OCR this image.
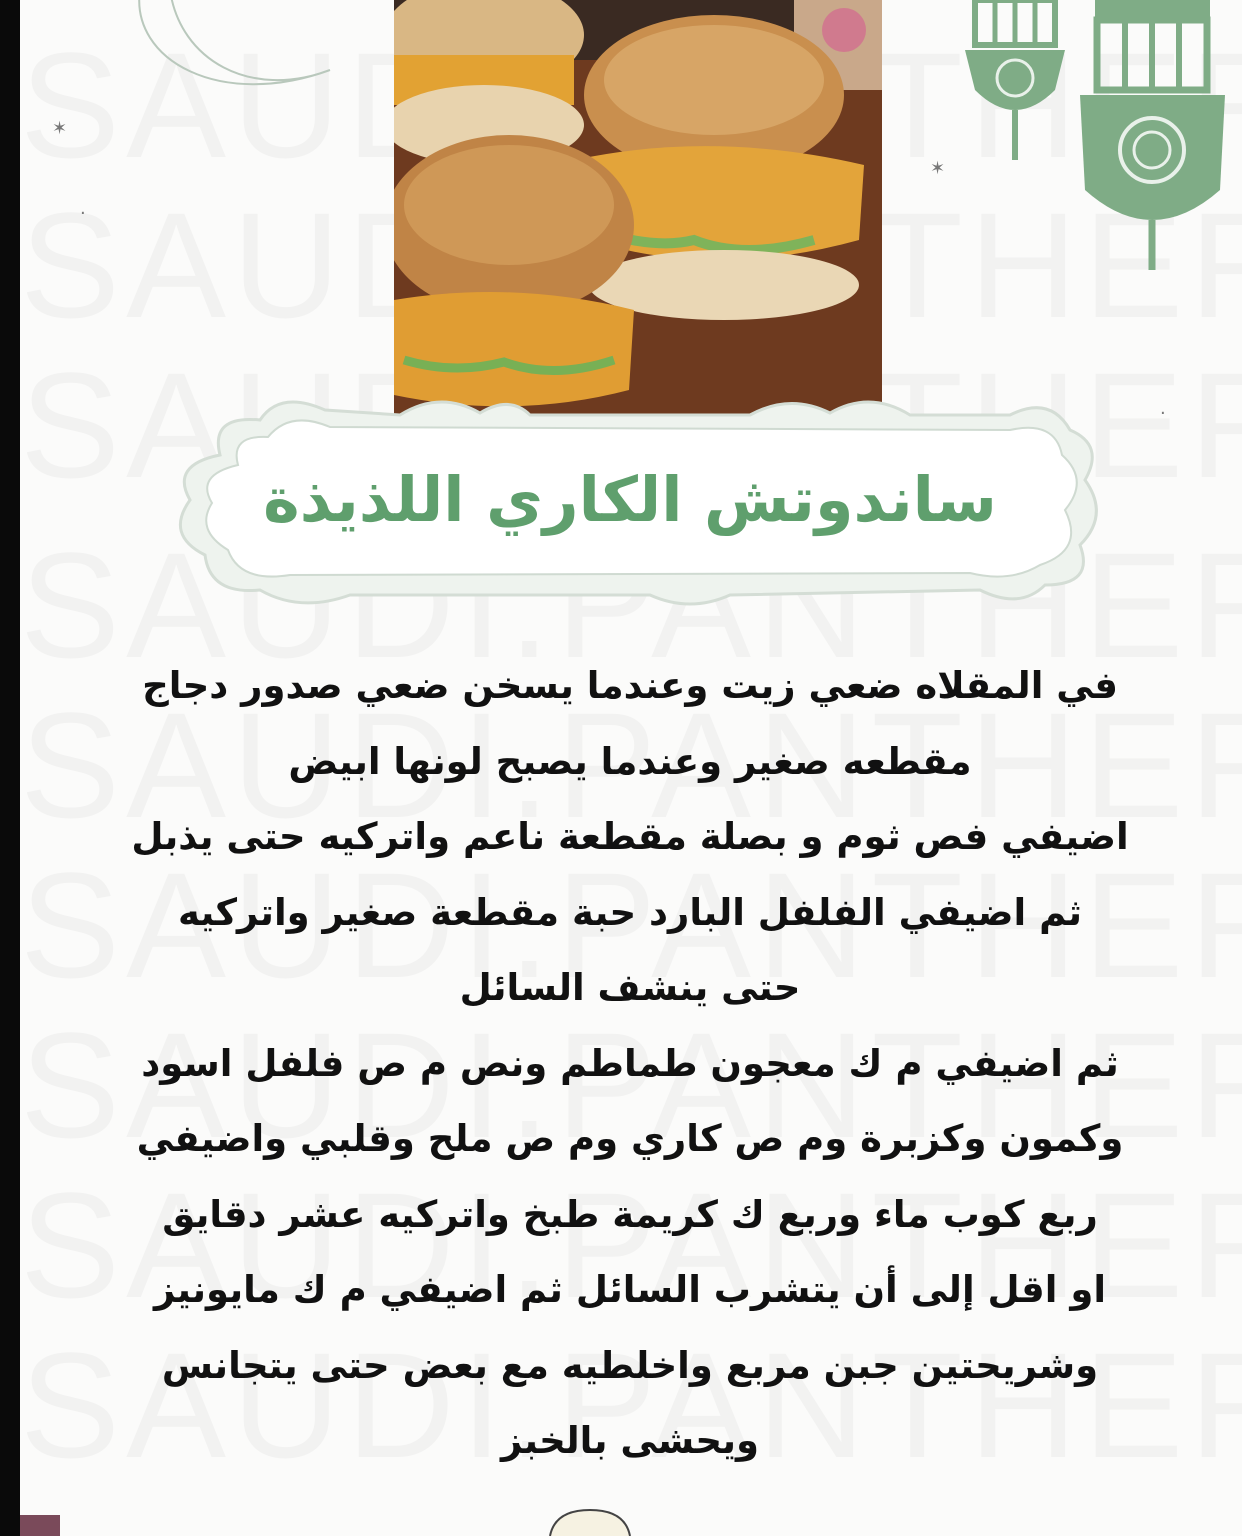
✶
✶
·
·
ساندوتش الكاري اللذيذة
في المقلاه ضعي زيت وعندما يسخن ضعي صدور دجاج
مقطعه صغير وعندما يصبح لونها ابيض
اضيفي فص ثوم و بصلة مقطعة ناعم واتركيه حتى يذبل
ثم اضيفي الفلفل البارد حبة مقطعة صغير واتركيه
حتى ينشف السائل
ثم اضيفي م ك معجون طماطم ونص م ص فلفل اسود
وكمون وكزبرة وم ص كاري وم ص ملح وقلبي واضيفي
ربع كوب ماء وربع ك كريمة طبخ واتركيه عشر دقايق
او اقل إلى أن يتشرب السائل ثم اضيفي م ك مايونيز
وشريحتين جبن مربع واخلطيه مع بعض حتى يتجانس
ويحشى بالخبز
